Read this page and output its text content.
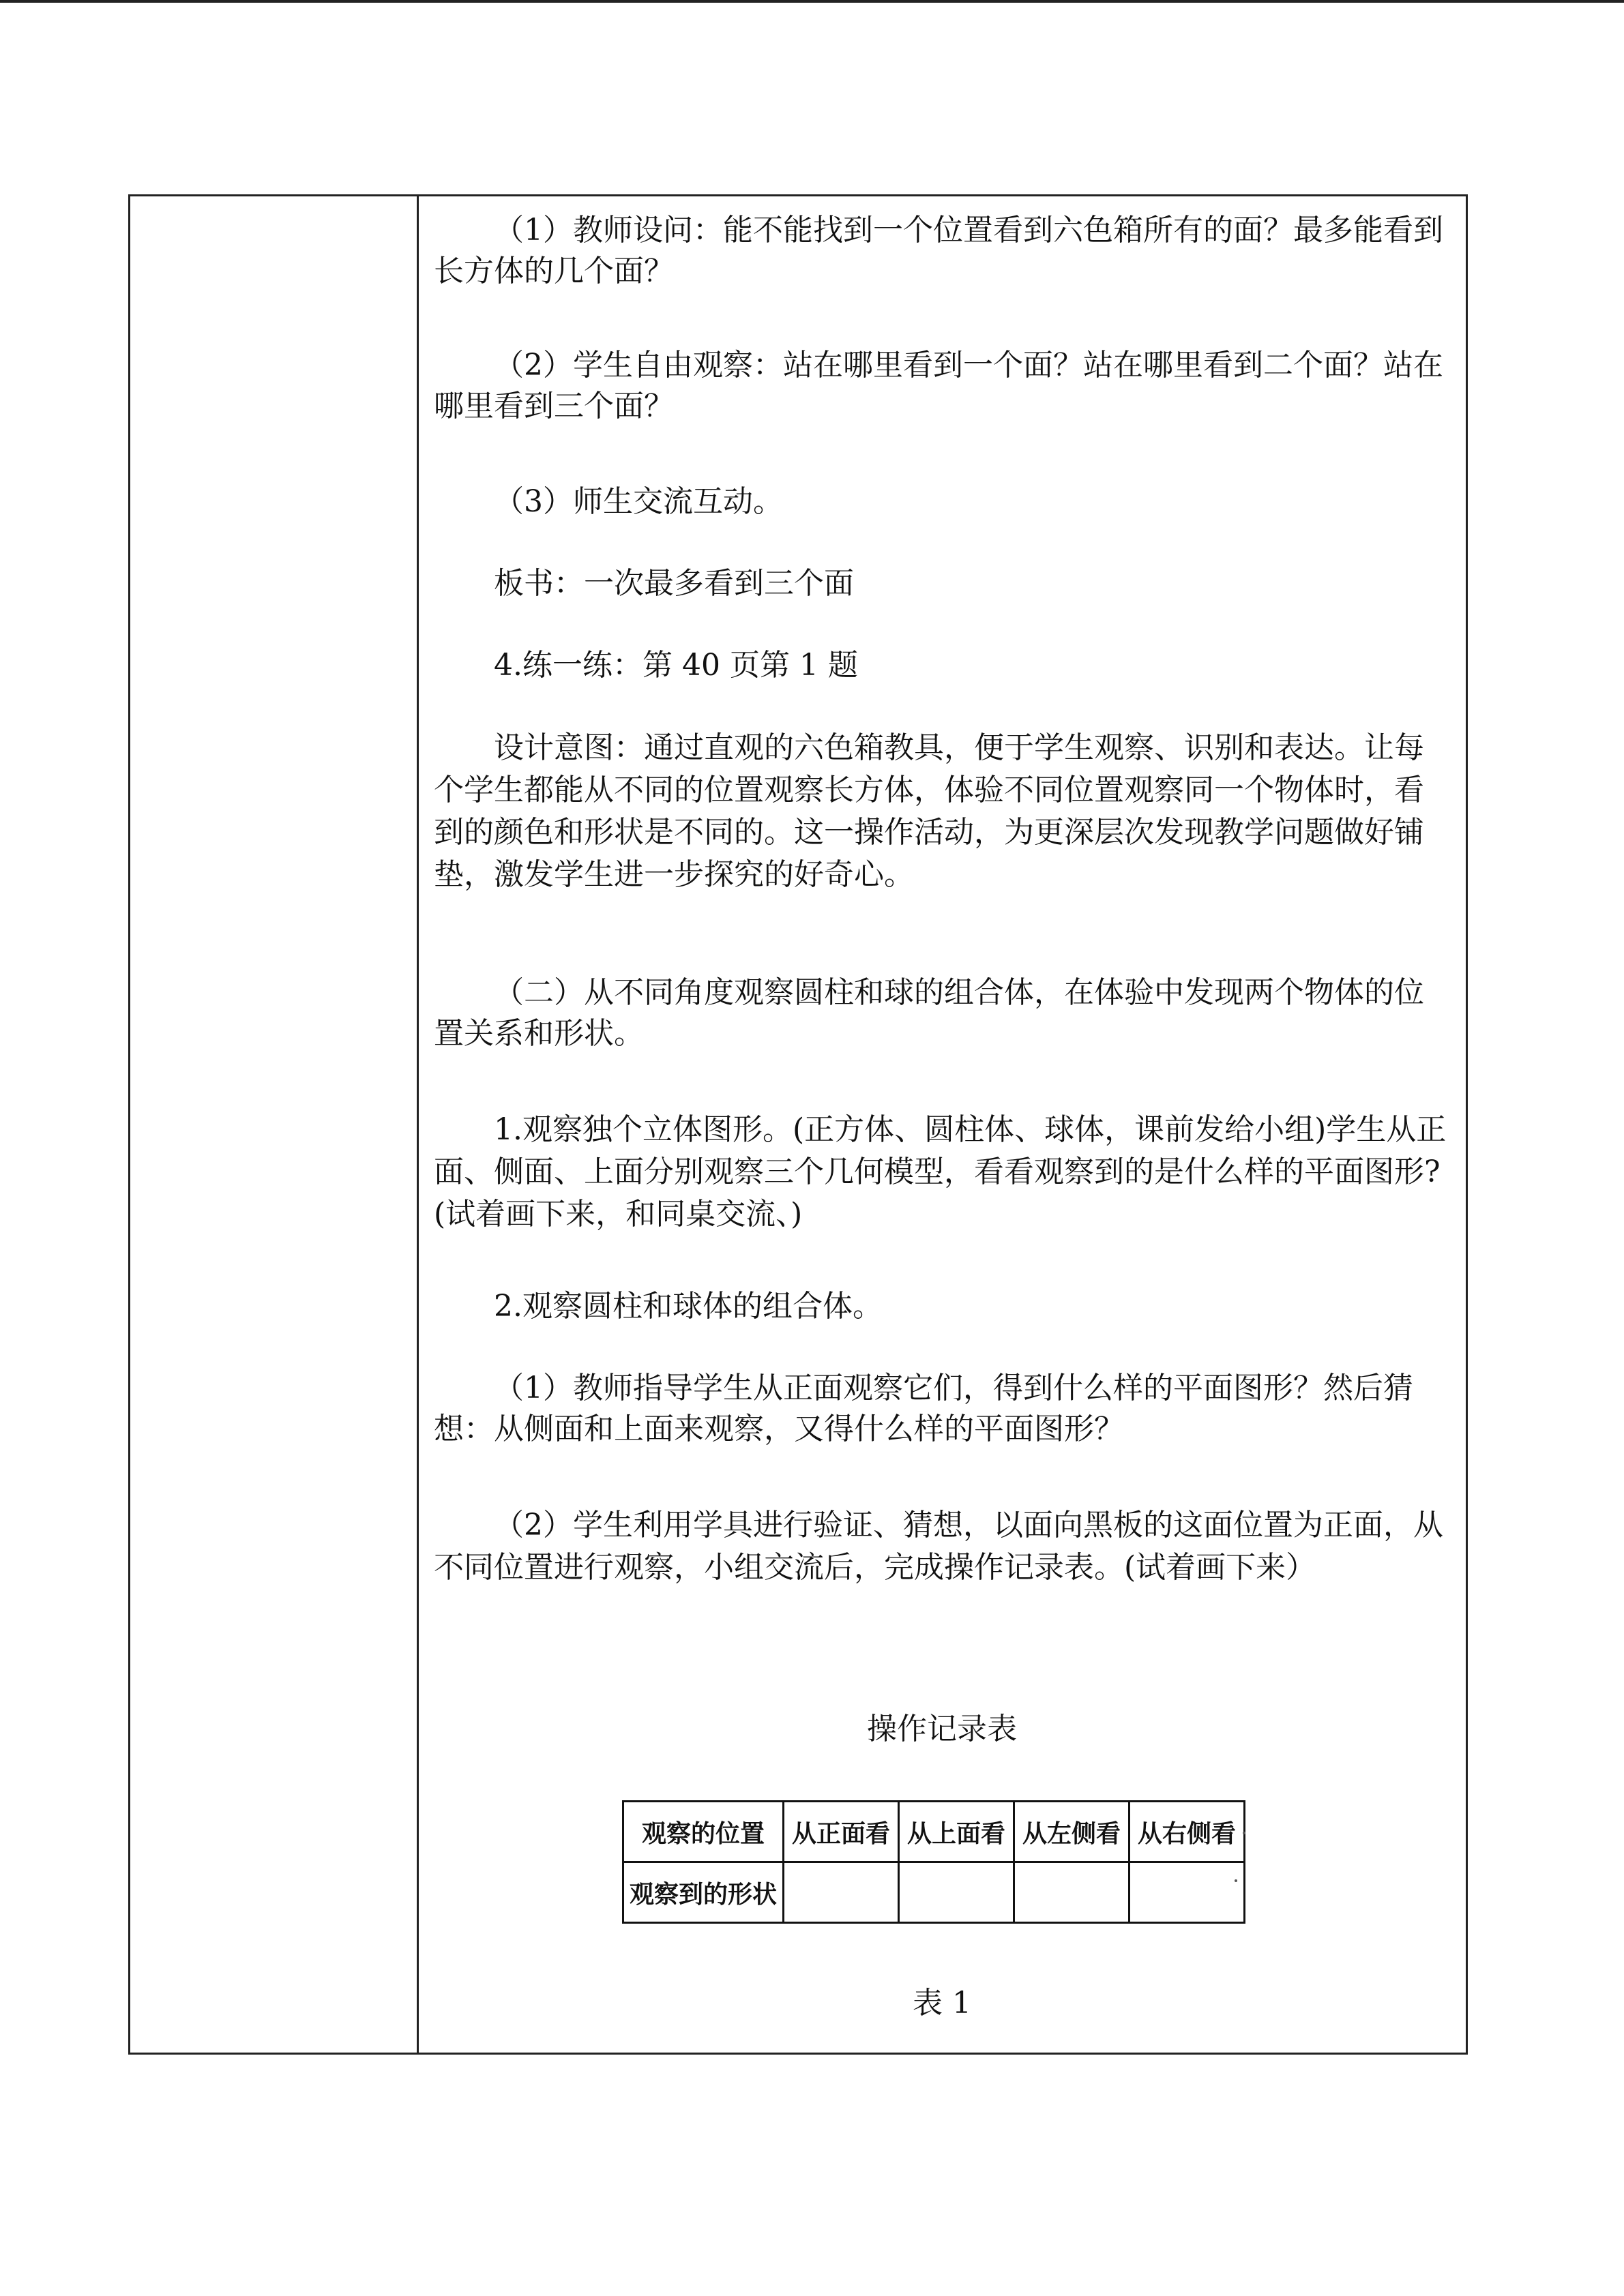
（1）教师设问：能不能找到一个位置看到六色箱所有的面？最多能看到长方体的几个面？

（2）学生自由观察：站在哪里看到一个面？站在哪里看到二个面？站在哪里看到三个面？

（3）师生交流互动。

板书：一次最多看到三个面

4.练一练：第 40 页第 1 题

设计意图：通过直观的六色箱教具，便于学生观察、识别和表达。让每个学生都能从不同的位置观察长方体，体验不同位置观察同一个物体时，看到的颜色和形状是不同的。这一操作活动，为更深层次发现教学问题做好铺垫，激发学生进一步探究的好奇心。

（二）从不同角度观察圆柱和球的组合体，在体验中发现两个物体的位置关系和形状。

1.观察独个立体图形。(正方体、圆柱体、球体，课前发给小组)学生从正面、侧面、上面分别观察三个几何模型，看看观察到的是什么样的平面图形?(试着画下来，和同桌交流、)

2.观察圆柱和球体的组合体。

（1）教师指导学生从正面观察它们，得到什么样的平面图形？然后猜想：从侧面和上面来观察，又得什么样的平面图形？

（2）学生利用学具进行验证、猜想，以面向黑板的这面位置为正面，从不同位置进行观察，小组交流后，完成操作记录表。(试着画下来）

操作记录表

表 1

观察的位置	从正面看	从上面看	从左侧看	从右侧看
观察到的形状				
